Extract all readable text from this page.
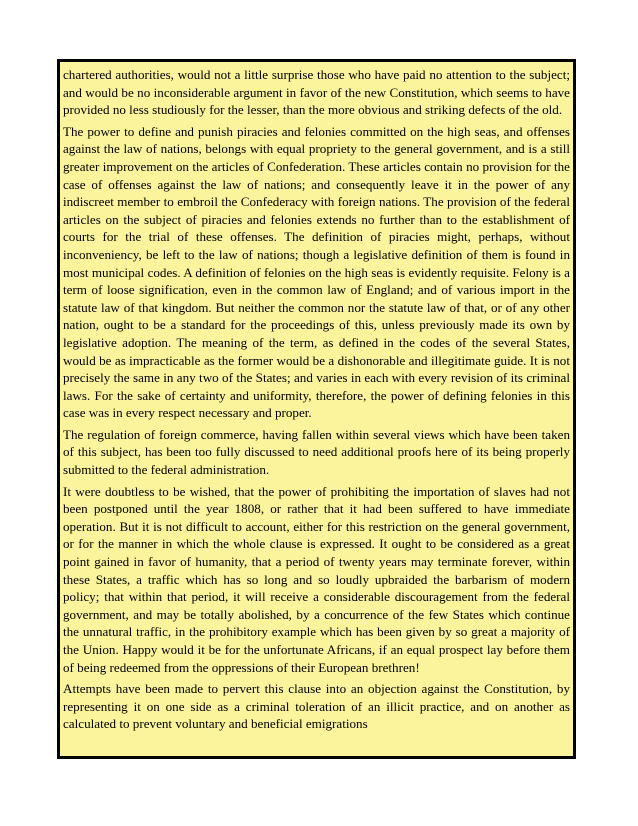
chartered authorities, would not a little surprise those who have paid no attention to the subject; and would be no inconsiderable argument in favor of the new Constitution, which seems to have provided no less studiously for the lesser, than the more obvious and striking defects of the old.

The power to define and punish piracies and felonies committed on the high seas, and offenses against the law of nations, belongs with equal propriety to the general government, and is a still greater improvement on the articles of Confederation. These articles contain no provision for the case of offenses against the law of nations; and consequently leave it in the power of any indiscreet member to embroil the Confederacy with foreign nations. The provision of the federal articles on the subject of piracies and felonies extends no further than to the establishment of courts for the trial of these offenses. The definition of piracies might, perhaps, without inconveniency, be left to the law of nations; though a legislative definition of them is found in most municipal codes. A definition of felonies on the high seas is evidently requisite. Felony is a term of loose signification, even in the common law of England; and of various import in the statute law of that kingdom. But neither the common nor the statute law of that, or of any other nation, ought to be a standard for the proceedings of this, unless previously made its own by legislative adoption. The meaning of the term, as defined in the codes of the several States, would be as impracticable as the former would be a dishonorable and illegitimate guide. It is not precisely the same in any two of the States; and varies in each with every revision of its criminal laws. For the sake of certainty and uniformity, therefore, the power of defining felonies in this case was in every respect necessary and proper.

The regulation of foreign commerce, having fallen within several views which have been taken of this subject, has been too fully discussed to need additional proofs here of its being properly submitted to the federal administration.

It were doubtless to be wished, that the power of prohibiting the importation of slaves had not been postponed until the year 1808, or rather that it had been suffered to have immediate operation. But it is not difficult to account, either for this restriction on the general government, or for the manner in which the whole clause is expressed. It ought to be considered as a great point gained in favor of humanity, that a period of twenty years may terminate forever, within these States, a traffic which has so long and so loudly upbraided the barbarism of modern policy; that within that period, it will receive a considerable discouragement from the federal government, and may be totally abolished, by a concurrence of the few States which continue the unnatural traffic, in the prohibitory example which has been given by so great a majority of the Union. Happy would it be for the unfortunate Africans, if an equal prospect lay before them of being redeemed from the oppressions of their European brethren!

Attempts have been made to pervert this clause into an objection against the Constitution, by representing it on one side as a criminal toleration of an illicit practice, and on another as calculated to prevent voluntary and beneficial emigrations
